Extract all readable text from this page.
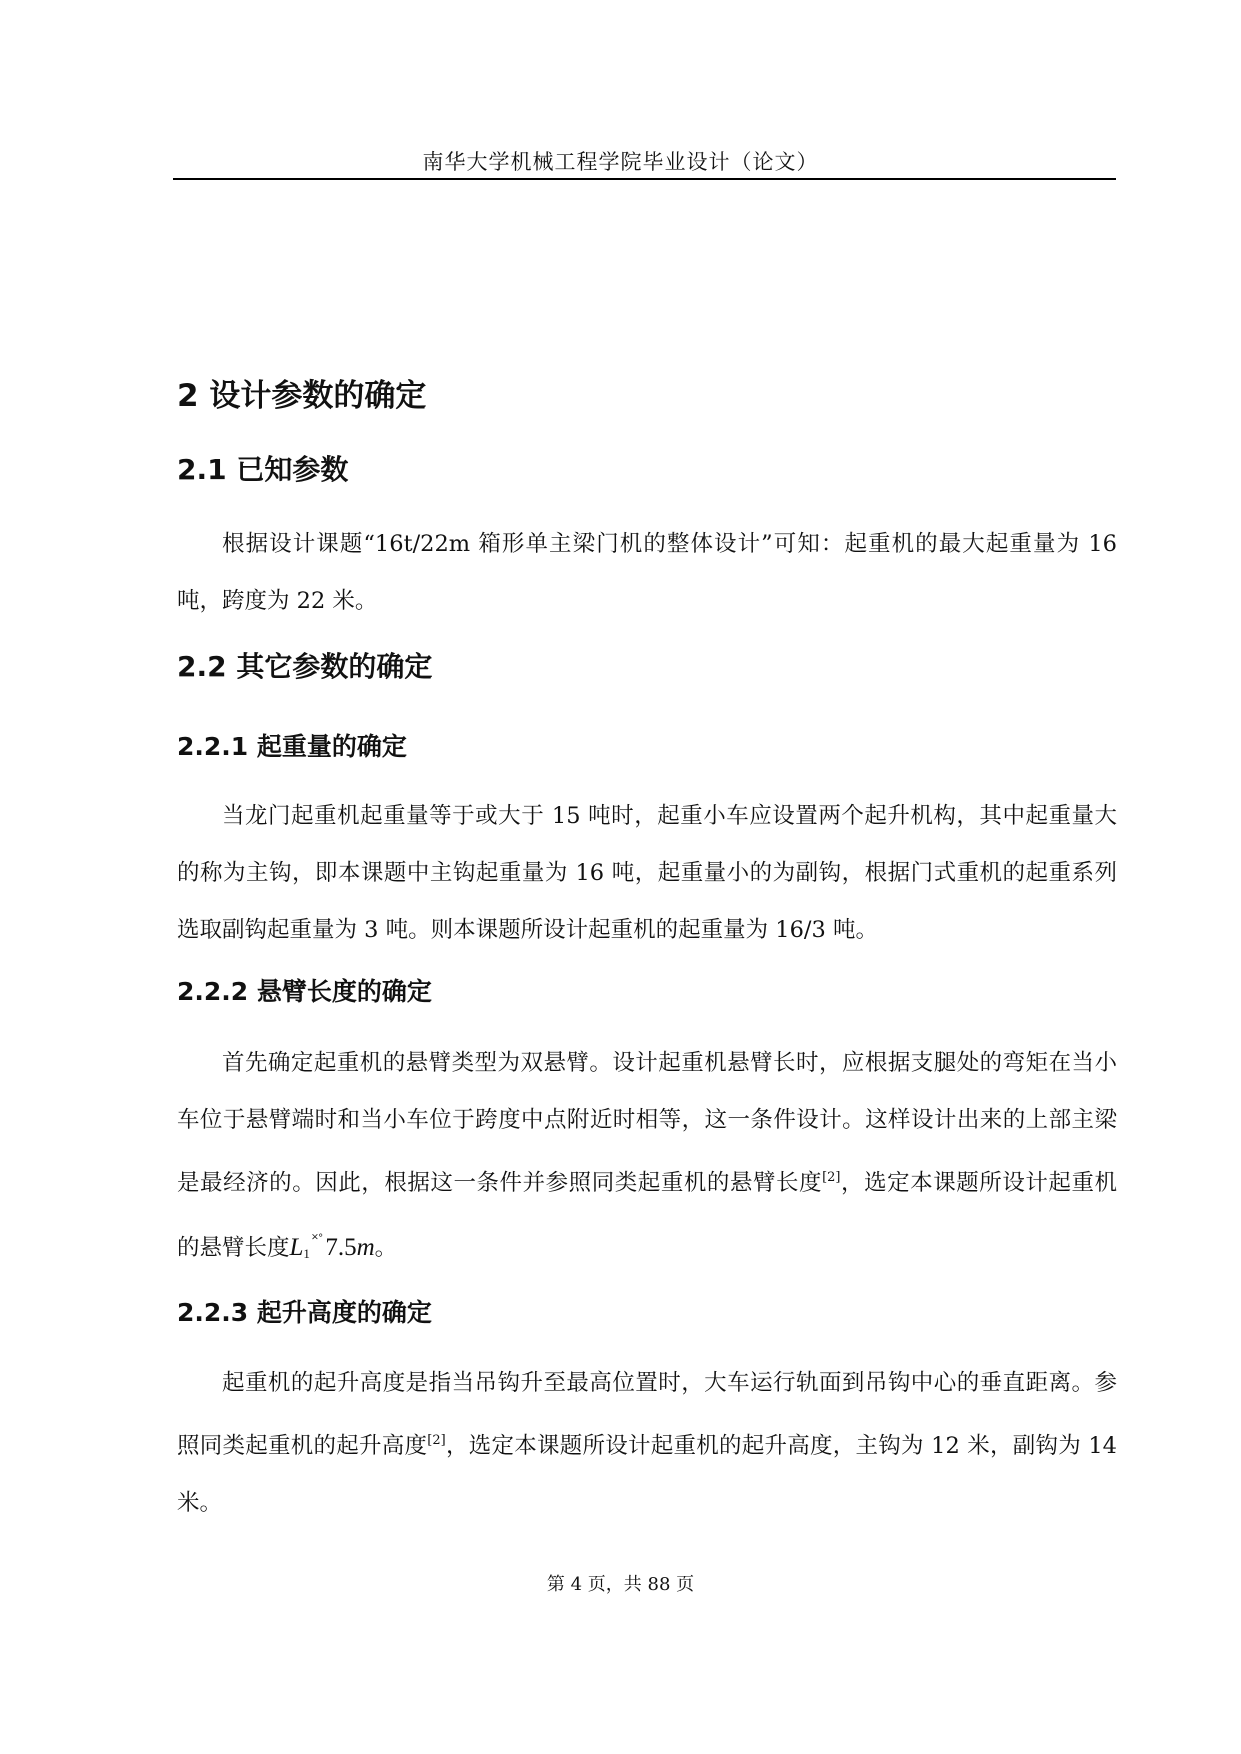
南华大学机械工程学院毕业设计（论文）
2 设计参数的确定
2.1 已知参数

根据设计课题“16t/22m 箱形单主梁门机的整体设计”可知：起重机的最大起重量为 16 吨，跨度为 22 米。

2.2 其它参数的确定
2.2.1 起重量的确定

当龙门起重机起重量等于或大于 15 吨时，起重小车应设置两个起升机构，其中起重量大的称为主钩，即本课题中主钩起重量为 16 吨，起重量小的为副钩，根据门式重机的起重系列选取副钩起重量为 3 吨。则本课题所设计起重机的起重量为 16/3 吨。

2.2.2 悬臂长度的确定

首先确定起重机的悬臂类型为双悬臂。设计起重机悬臂长时，应根据支腿处的弯矩在当小车位于悬臂端时和当小车位于跨度中点附近时相等，这一条件设计。这样设计出来的上部主梁是最经济的。因此，根据这一条件并参照同类起重机的悬臂长度[2]，选定本课题所设计起重机的悬臂长度$L_1^{˟˚}7.5m$。

2.2.3 起升高度的确定

起重机的起升高度是指当吊钩升至最高位置时，大车运行轨面到吊钩中心的垂直距离。参照同类起重机的起升高度[2]，选定本课题所设计起重机的起升高度，主钩为 12 米，副钩为 14 米。

第 4 页，共 88 页
